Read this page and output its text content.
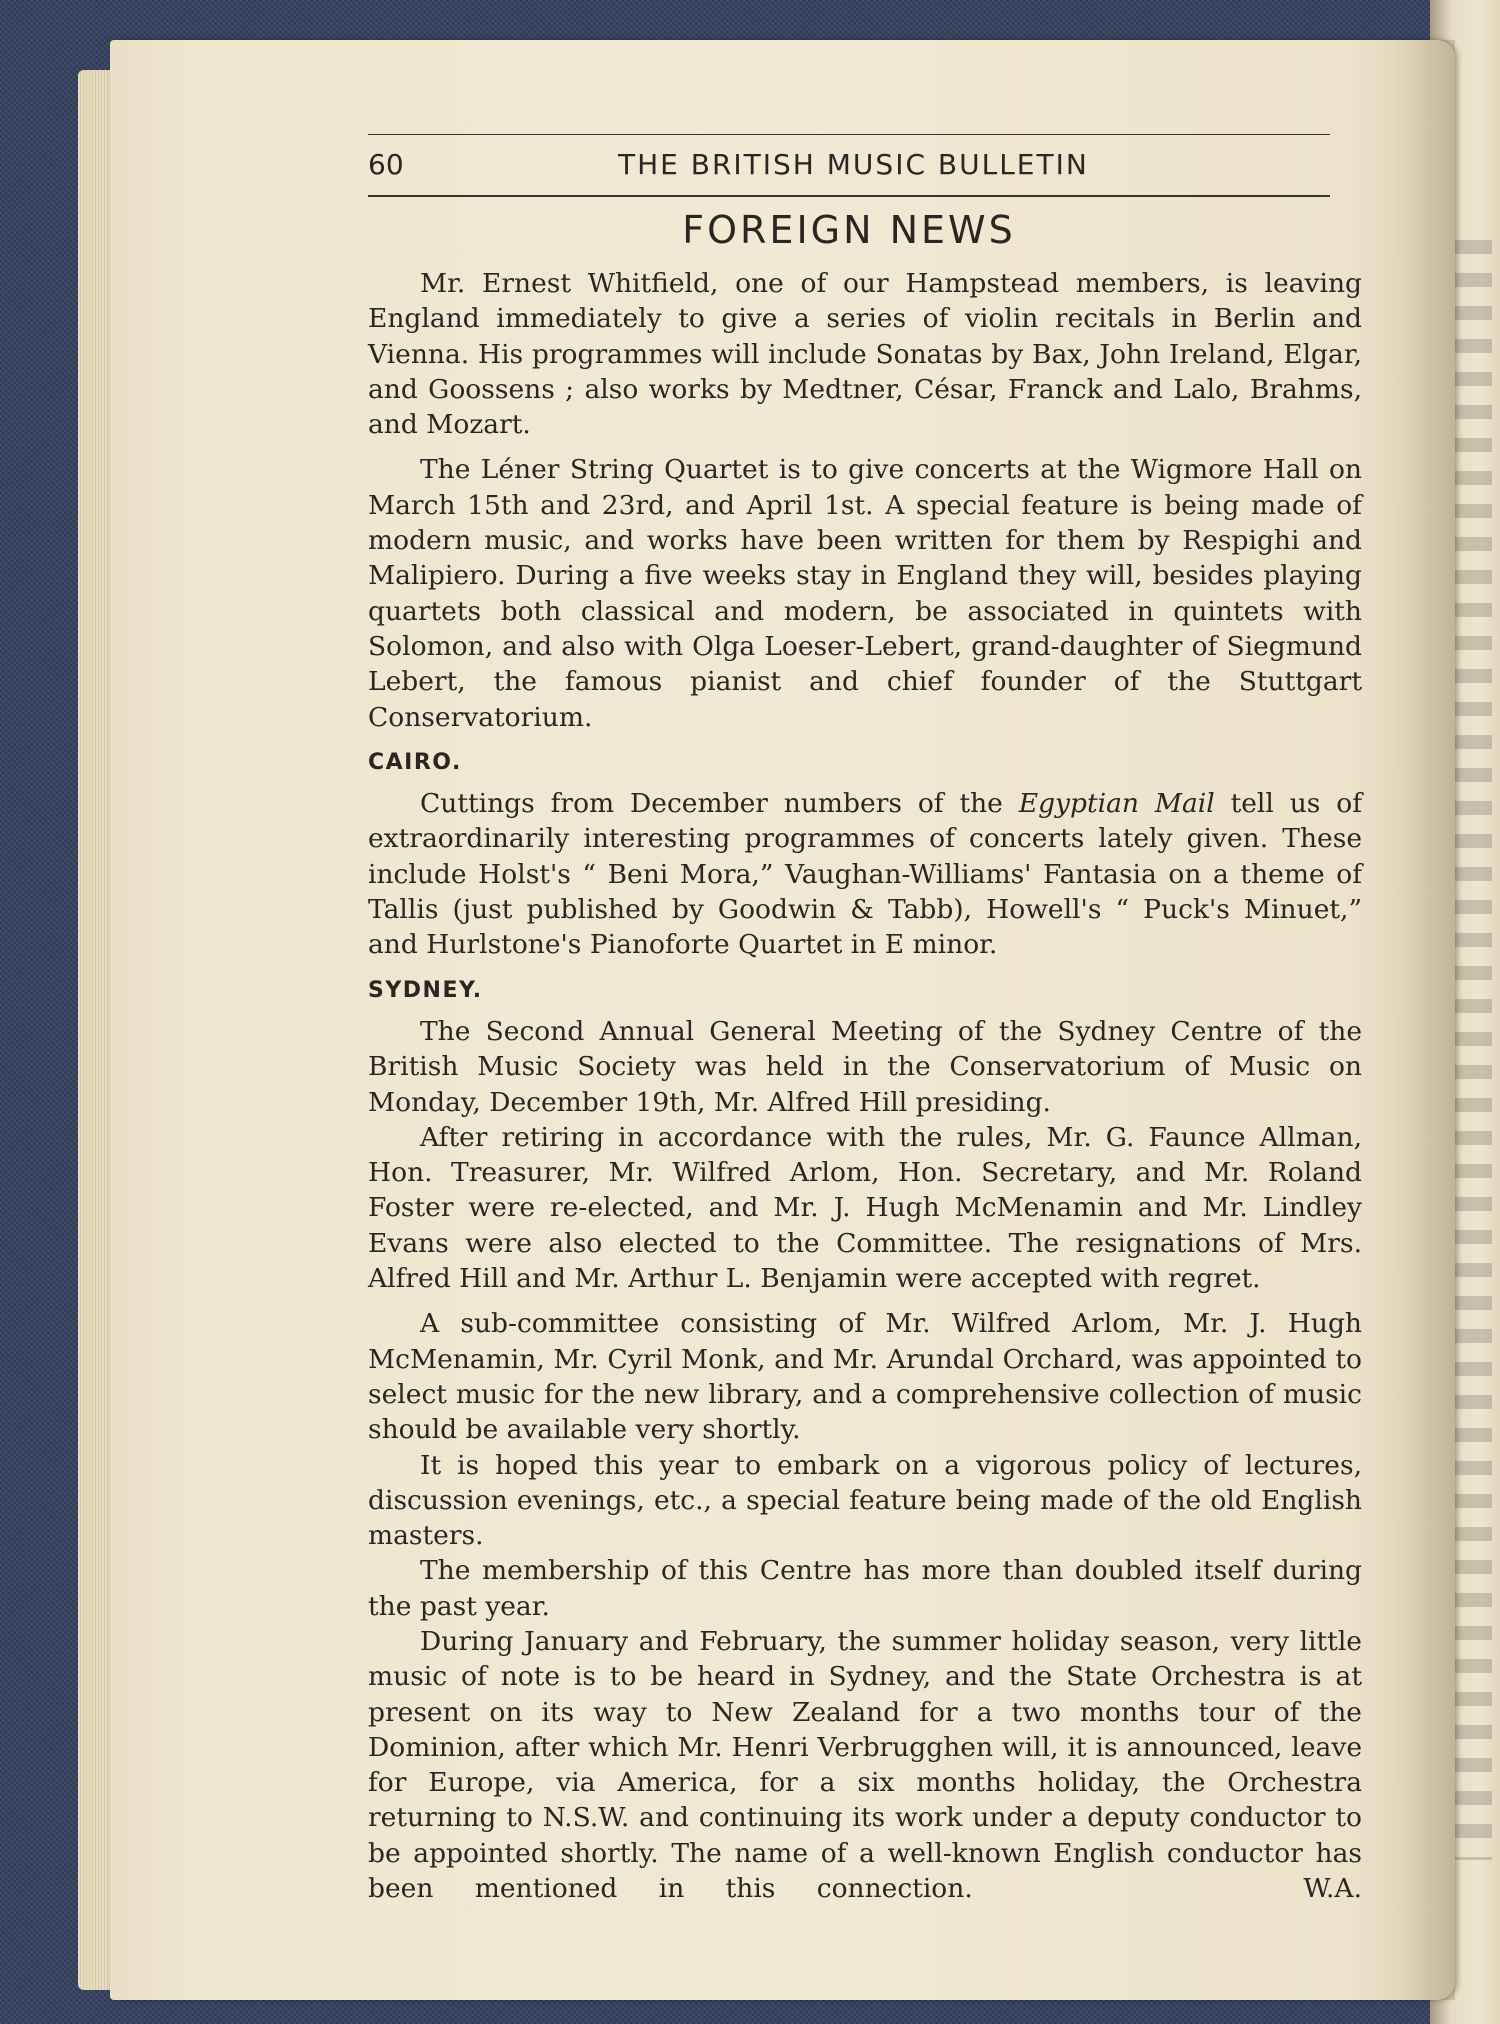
60	THE BRITISH MUSIC BULLETIN
FOREIGN NEWS

Mr. Ernest Whitfield, one of our Hampstead members, is leaving England immediately to give a series of violin recitals in Berlin and Vienna. His programmes will include Sonatas by Bax, John Ireland, Elgar, and Goossens ; also works by Medtner, César, Franck and Lalo, Brahms, and Mozart.

The Léner String Quartet is to give concerts at the Wigmore Hall on March 15th and 23rd, and April 1st. A special feature is being made of modern music, and works have been written for them by Respighi and Malipiero. During a five weeks stay in England they will, besides playing quartets both classical and modern, be associated in quintets with Solomon, and also with Olga Loeser-Lebert, grand-daughter of Siegmund Lebert, the famous pianist and chief founder of the Stuttgart Conservatorium.

CAIRO.

Cuttings from December numbers of the Egyptian Mail tell us of extraordinarily interesting programmes of concerts lately given. These include Holst's “ Beni Mora,” Vaughan-Williams' Fantasia on a theme of Tallis (just published by Goodwin & Tabb), Howell's “ Puck's Minuet,” and Hurlstone's Pianoforte Quartet in E minor.

SYDNEY.

The Second Annual General Meeting of the Sydney Centre of the British Music Society was held in the Conservatorium of Music on Monday, December 19th, Mr. Alfred Hill presiding.

After retiring in accordance with the rules, Mr. G. Faunce Allman, Hon. Treasurer, Mr. Wilfred Arlom, Hon. Secretary, and Mr. Roland Foster were re-elected, and Mr. J. Hugh McMenamin and Mr. Lindley Evans were also elected to the Committee. The resignations of Mrs. Alfred Hill and Mr. Arthur L. Benjamin were accepted with regret.

A sub-committee consisting of Mr. Wilfred Arlom, Mr. J. Hugh McMenamin, Mr. Cyril Monk, and Mr. Arundal Orchard, was appointed to select music for the new library, and a comprehensive collection of music should be available very shortly.

It is hoped this year to embark on a vigorous policy of lectures, discussion evenings, etc., a special feature being made of the old English masters.

The membership of this Centre has more than doubled itself during the past year.

During January and February, the summer holiday season, very little music of note is to be heard in Sydney, and the State Orchestra is at present on its way to New Zealand for a two months tour of the Dominion, after which Mr. Henri Verbrugghen will, it is announced, leave for Europe, via America, for a six months holiday, the Orchestra returning to N.S.W. and continuing its work under a deputy conductor to be appointed shortly. The name of a well-known English conductor has been mentioned in this connection.	W.A.
